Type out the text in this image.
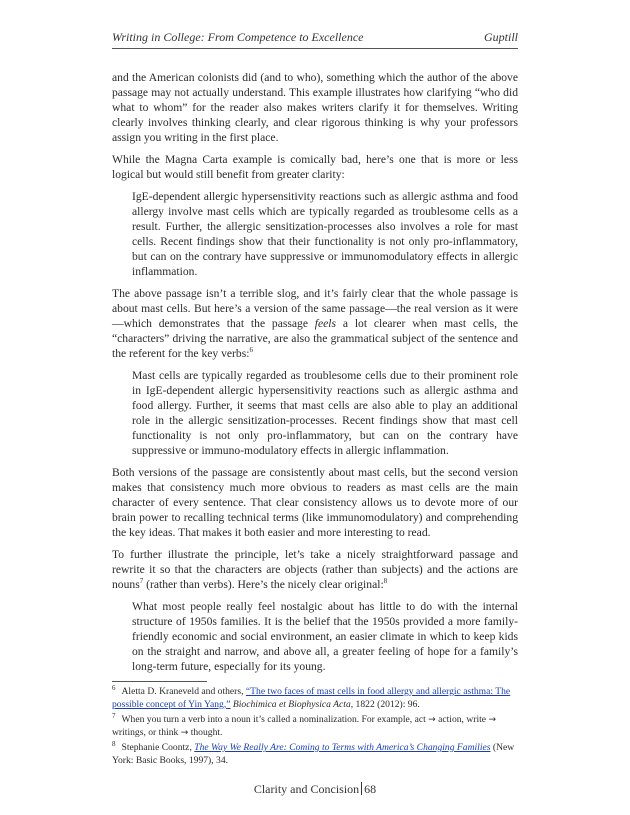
Writing in College: From Competence to Excellence	Guptill

and the American colonists did (and to who), something which the author of the above passage may not actually understand. This example illustrates how clarifying “who did what to whom” for the reader also makes writers clarify it for themselves. Writing clearly involves thinking clearly, and clear rigorous thinking is why your professors assign you writing in the first place.

While the Magna Carta example is comically bad, here’s one that is more or less logical but would still benefit from greater clarity:

IgE-dependent allergic hypersensitivity reactions such as allergic asthma and food allergy involve mast cells which are typically regarded as troublesome cells as a result. Further, the allergic sensitization-processes also involves a role for mast cells. Recent findings show that their functionality is not only pro-inflammatory, but can on the contrary have suppressive or immunomodulatory effects in allergic inflammation.

The above passage isn’t a terrible slog, and it’s fairly clear that the whole passage is about mast cells. But here’s a version of the same passage—the real version as it were—which demonstrates that the passage feels a lot clearer when mast cells, the “characters” driving the narrative, are also the grammatical subject of the sentence and the referent for the key verbs:$^6$

Mast cells are typically regarded as troublesome cells due to their prominent role in IgE-dependent allergic hypersensitivity reactions such as allergic asthma and food allergy. Further, it seems that mast cells are also able to play an additional role in the allergic sensitization-processes. Recent findings show that mast cell functionality is not only pro-inflammatory, but can on the contrary have suppressive or immuno-modulatory effects in allergic inflammation.

Both versions of the passage are consistently about mast cells, but the second version makes that consistency much more obvious to readers as mast cells are the main character of every sentence. That clear consistency allows us to devote more of our brain power to recalling technical terms (like immunomodulatory) and comprehending the key ideas. That makes it both easier and more interesting to read.

To further illustrate the principle, let’s take a nicely straightforward passage and rewrite it so that the characters are objects (rather than subjects) and the actions are nouns$^7$ (rather than verbs). Here’s the nicely clear original:$^8$

What most people really feel nostalgic about has little to do with the internal structure of 1950s families. It is the belief that the 1950s provided a more family-friendly economic and social environment, an easier climate in which to keep kids on the straight and narrow, and above all, a greater feeling of hope for a family’s long-term future, especially for its young.

$^6$ Aletta D. Kraneveld and others, “The two faces of mast cells in food allergy and allergic asthma: The possible concept of Yin Yang,” Biochimica et Biophysica Acta, 1822 (2012): 96.

$^7$ When you turn a verb into a noun it’s called a nominalization. For example, act → action, write → writings, or think → thought.

$^8$ Stephanie Coontz, The Way We Really Are: Coming to Terms with America’s Changing Families (New York: Basic Books, 1997), 34.

Clarity and Concision 68
